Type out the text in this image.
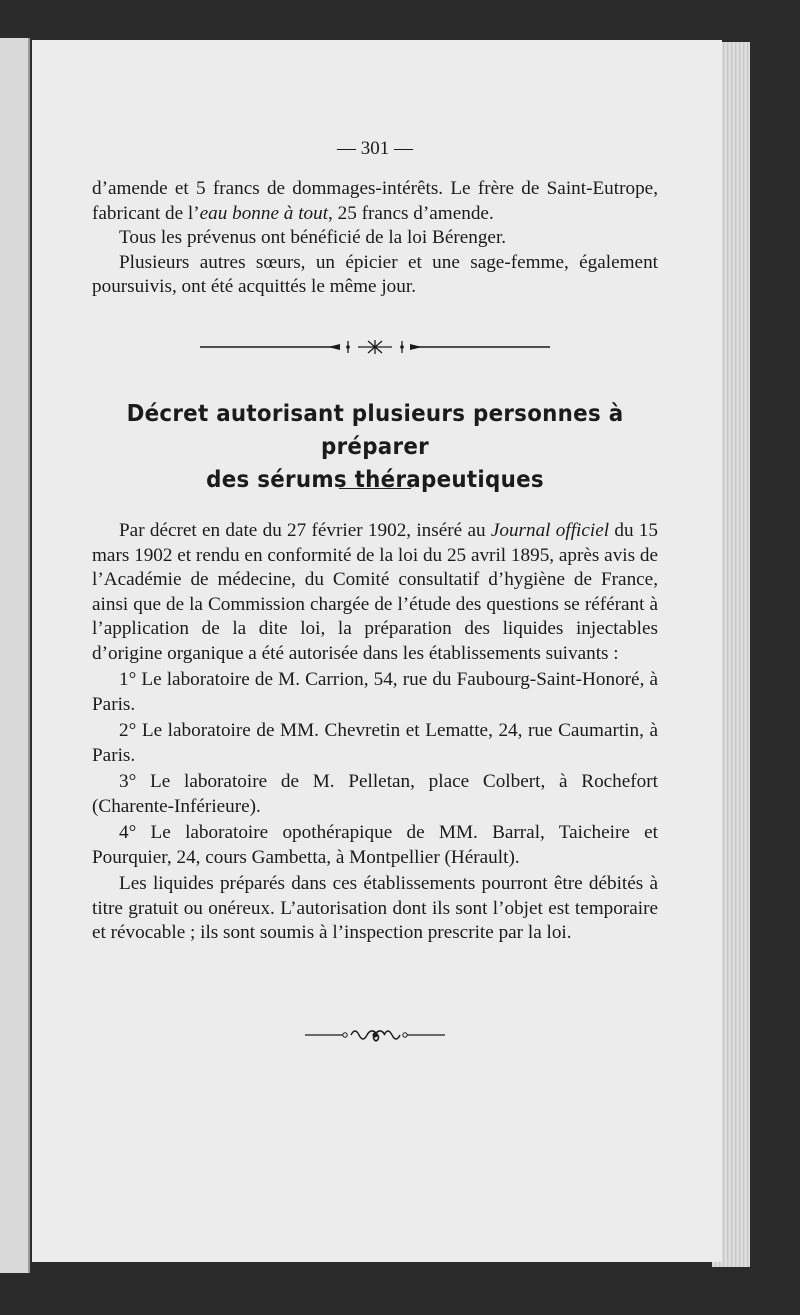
— 301 —

d’amende et 5 francs de dommages-intérêts. Le frère de Saint-Eutrope, fabricant de l’eau bonne à tout, 25 francs d’amende.

Tous les prévenus ont bénéficié de la loi Bérenger.

Plusieurs autres sœurs, un épicier et une sage-femme, également poursuivis, ont été acquittés le même jour.

Décret autorisant plusieurs personnes à préparer
des sérums thérapeutiques

Par décret en date du 27 février 1902, inséré au Journal officiel du 15 mars 1902 et rendu en conformité de la loi du 25 avril 1895, après avis de l’Académie de médecine, du Comité consultatif d’hygiène de France, ainsi que de la Commission chargée de l’étude des questions se référant à l’application de la dite loi, la préparation des liquides injectables d’origine organique a été autorisée dans les établissements suivants :

1° Le laboratoire de M. Carrion, 54, rue du Faubourg-Saint-Honoré, à Paris.

2° Le laboratoire de MM. Chevretin et Lematte, 24, rue Caumartin, à Paris.

3° Le laboratoire de M. Pelletan, place Colbert, à Rochefort (Charente-Inférieure).

4° Le laboratoire opothérapique de MM. Barral, Taicheire et Pourquier, 24, cours Gambetta, à Montpellier (Hérault).

Les liquides préparés dans ces établissements pourront être débités à titre gratuit ou onéreux. L’autorisation dont ils sont l’objet est temporaire et révocable ; ils sont soumis à l’inspection prescrite par la loi.
